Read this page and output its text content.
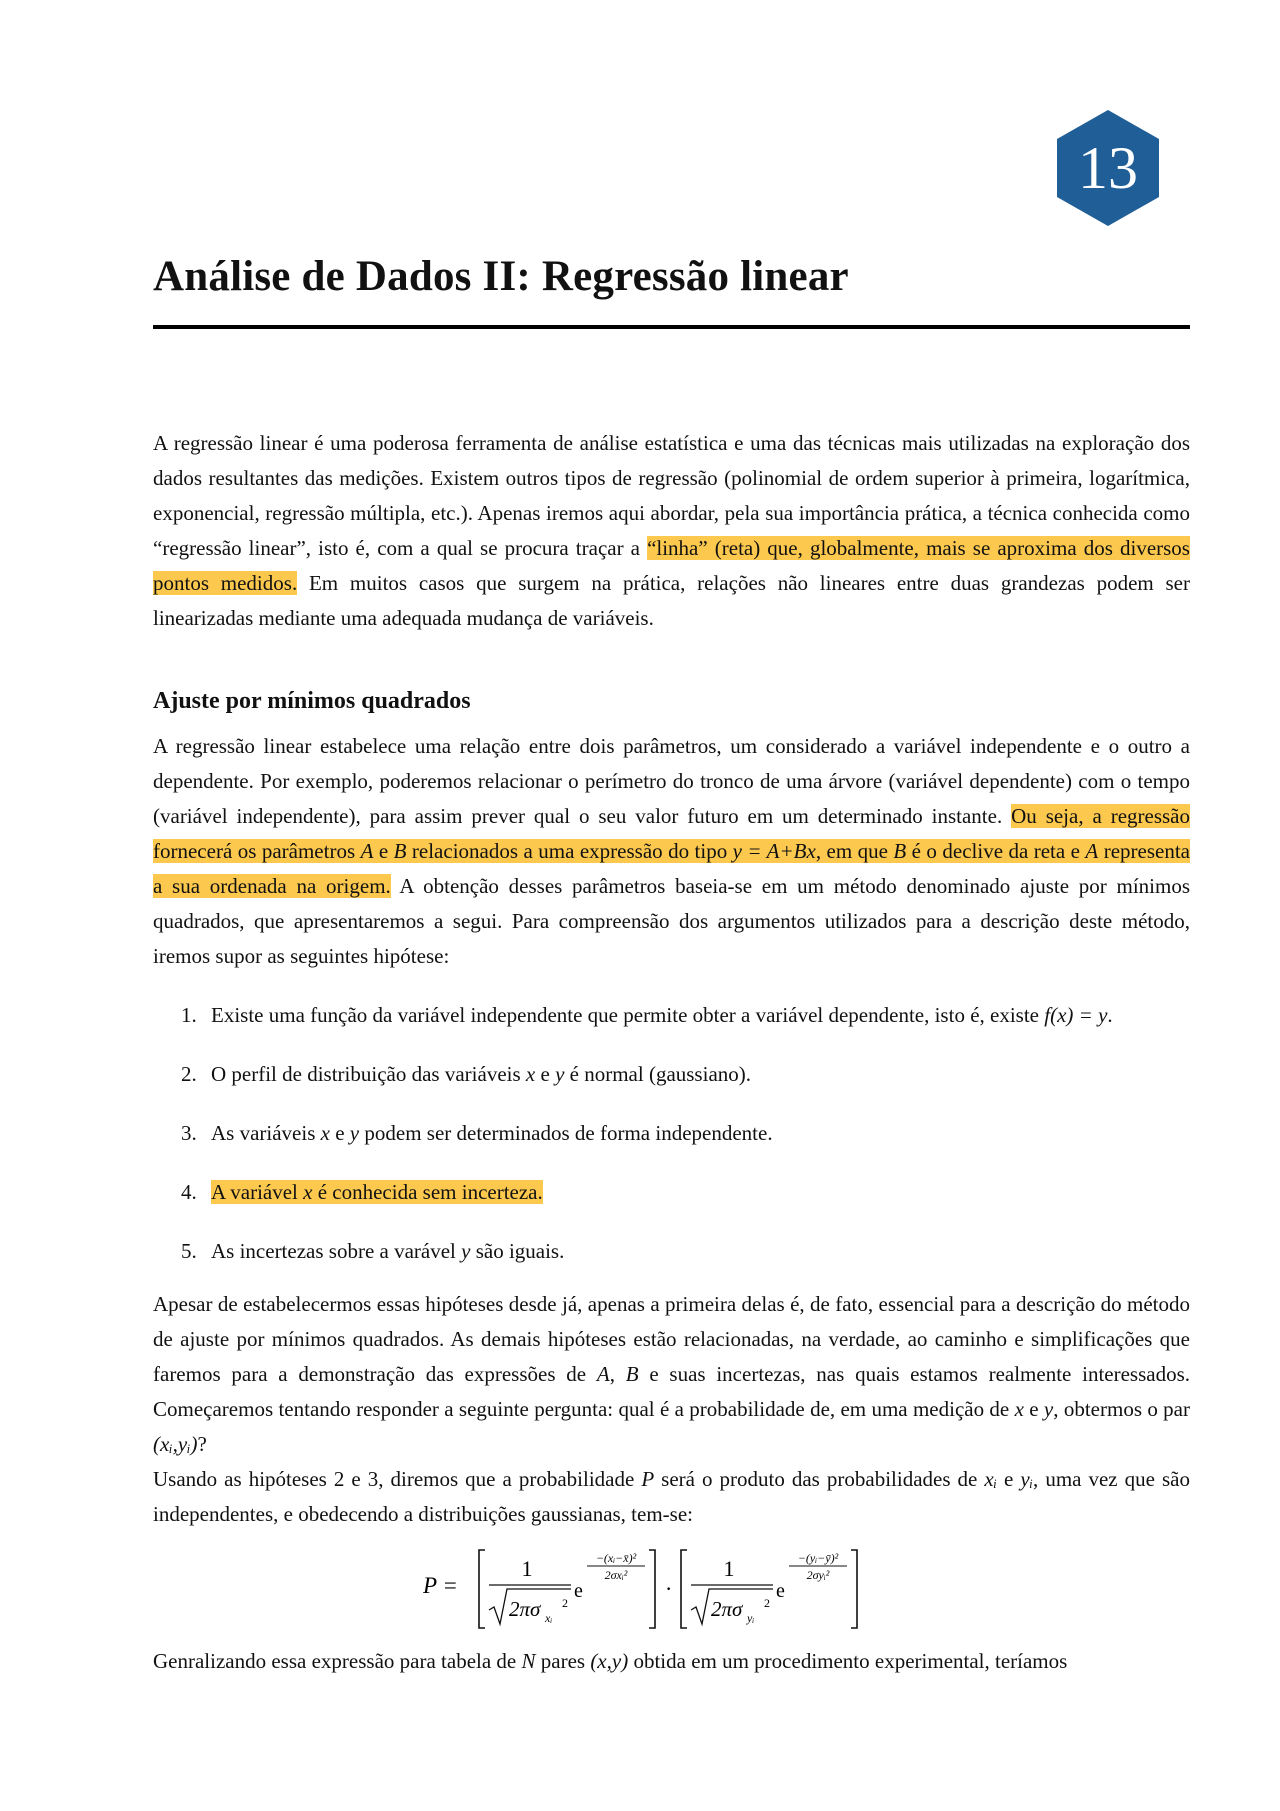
13
Análise de Dados II: Regressão linear

A regressão linear é uma poderosa ferramenta de análise estatística e uma das técnicas mais utilizadas na exploração dos dados resultantes das medições. Existem outros tipos de regressão (polinomial de ordem superior à primeira, logarítmica, exponencial, regressão múltipla, etc.). Apenas iremos aqui abordar, pela sua importância prática, a técnica conhecida como “regressão linear”, isto é, com a qual se procura traçar a “linha” (reta) que, globalmente, mais se aproxima dos diversos pontos medidos. Em muitos casos que surgem na prática, relações não lineares entre duas grandezas podem ser linearizadas mediante uma adequada mudança de variáveis.

Ajuste por mínimos quadrados

A regressão linear estabelece uma relação entre dois parâmetros, um considerado a variável independente e o outro a dependente. Por exemplo, poderemos relacionar o perímetro do tronco de uma árvore (variável dependente) com o tempo (variável independente), para assim prever qual o seu valor futuro em um determinado instante. Ou seja, a regressão fornecerá os parâmetros A e B relacionados a uma expressão do tipo y = A+Bx, em que B é o declive da reta e A representa a sua ordenada na origem. A obtenção desses parâmetros baseia-se em um método denominado ajuste por mínimos quadrados, que apresentaremos a segui. Para compreensão dos argumentos utilizados para a descrição deste método, iremos supor as seguintes hipótese:

1. Existe uma função da variável independente que permite obter a variável dependente, isto é, existe f(x) = y.
2. O perfil de distribuição das variáveis x e y é normal (gaussiano).
3. As variáveis x e y podem ser determinados de forma independente.
4. A variável x é conhecida sem incerteza.
5. As incertezas sobre a varável y são iguais.

Apesar de estabelecermos essas hipóteses desde já, apenas a primeira delas é, de fato, essencial para a descrição do método de ajuste por mínimos quadrados. As demais hipóteses estão relacionadas, na verdade, ao caminho e simplificações que faremos para a demonstração das expressões de A, B e suas incertezas, nas quais estamos realmente interessados. Começaremos tentando responder a seguinte pergunta: qual é a probabilidade de, em uma medição de x e y, obtermos o par (xᵢ,yᵢ)?

Usando as hipóteses 2 e 3, diremos que a probabilidade P será o produto das probabilidades de xᵢ e yᵢ, uma vez que são independentes, e obedecendo a distribuições gaussianas, tem-se:

P =
1
2πσ xᵢ
2
e
−(xᵢ−x̄)²
2σxᵢ²
·
1
2πσ yᵢ
2
e
−(yᵢ−ȳ)²
2σyᵢ²

Genralizando essa expressão para tabela de N pares (x,y) obtida em um procedimento experimental, teríamos
